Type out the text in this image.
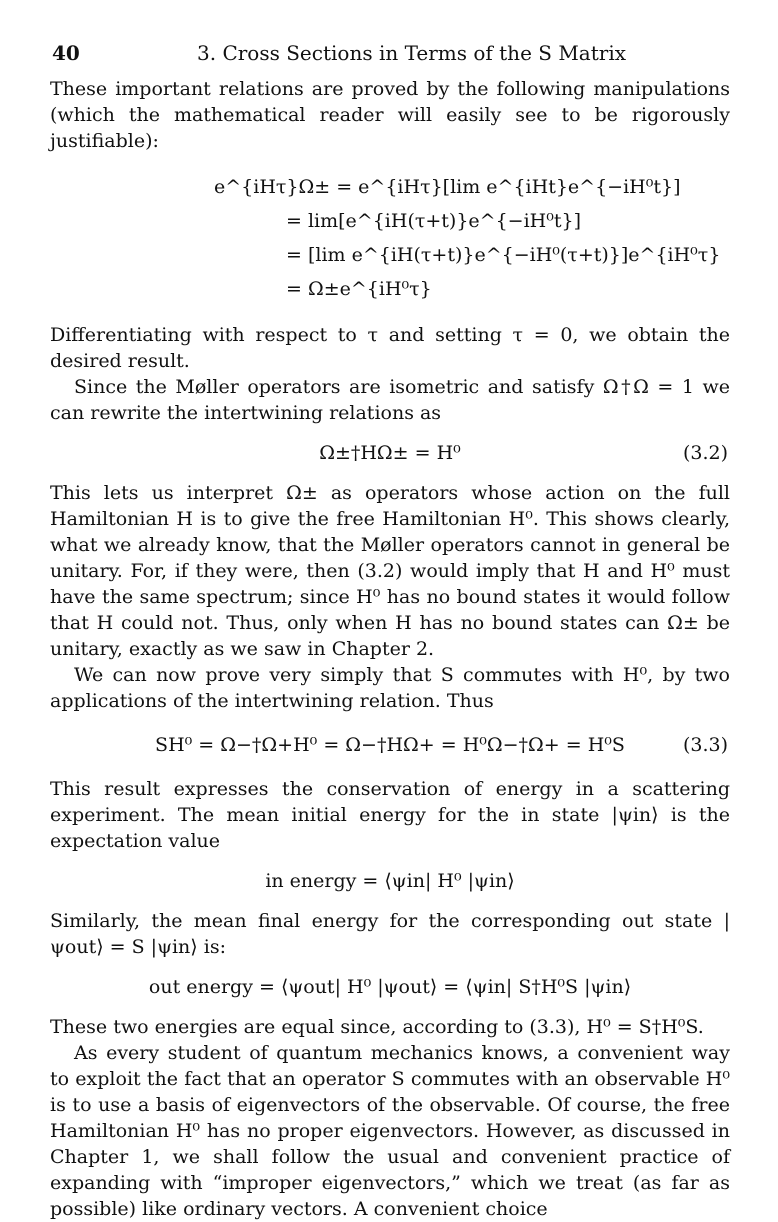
40	3. Cross Sections in Terms of the S Matrix

These important relations are proved by the following manipulations (which the mathematical reader will easily see to be rigorously justifiable):

e^{iHτ}Ω± = e^{iHτ}[lim e^{iHt}e^{−iH⁰t}]
= lim[e^{iH(τ+t)}e^{−iH⁰t}]
= [lim e^{iH(τ+t)}e^{−iH⁰(τ+t)}]e^{iH⁰τ}
= Ω±e^{iH⁰τ}

Differentiating with respect to τ and setting τ = 0, we obtain the desired result.

Since the Møller operators are isometric and satisfy Ω†Ω = 1 we can rewrite the intertwining relations as

Ω±†HΩ± = H⁰	(3.2)

This lets us interpret Ω± as operators whose action on the full Hamiltonian H is to give the free Hamiltonian H⁰. This shows clearly, what we already know, that the Møller operators cannot in general be unitary. For, if they were, then (3.2) would imply that H and H⁰ must have the same spectrum; since H⁰ has no bound states it would follow that H could not. Thus, only when H has no bound states can Ω± be unitary, exactly as we saw in Chapter 2.

We can now prove very simply that S commutes with H⁰, by two applications of the intertwining relation. Thus

SH⁰ = Ω−†Ω+H⁰ = Ω−†HΩ+ = H⁰Ω−†Ω+ = H⁰S	(3.3)

This result expresses the conservation of energy in a scattering experiment. The mean initial energy for the in state |ψin⟩ is the expectation value

in energy = ⟨ψin| H⁰ |ψin⟩

Similarly, the mean final energy for the corresponding out state |ψout⟩ = S |ψin⟩ is:

out energy = ⟨ψout| H⁰ |ψout⟩ = ⟨ψin| S†H⁰S |ψin⟩

These two energies are equal since, according to (3.3), H⁰ = S†H⁰S.

As every student of quantum mechanics knows, a convenient way to exploit the fact that an operator S commutes with an observable H⁰ is to use a basis of eigenvectors of the observable. Of course, the free Hamiltonian H⁰ has no proper eigenvectors. However, as discussed in Chapter 1, we shall follow the usual and convenient practice of expanding with “improper eigenvectors,” which we treat (as far as possible) like ordinary vectors. A convenient choice
